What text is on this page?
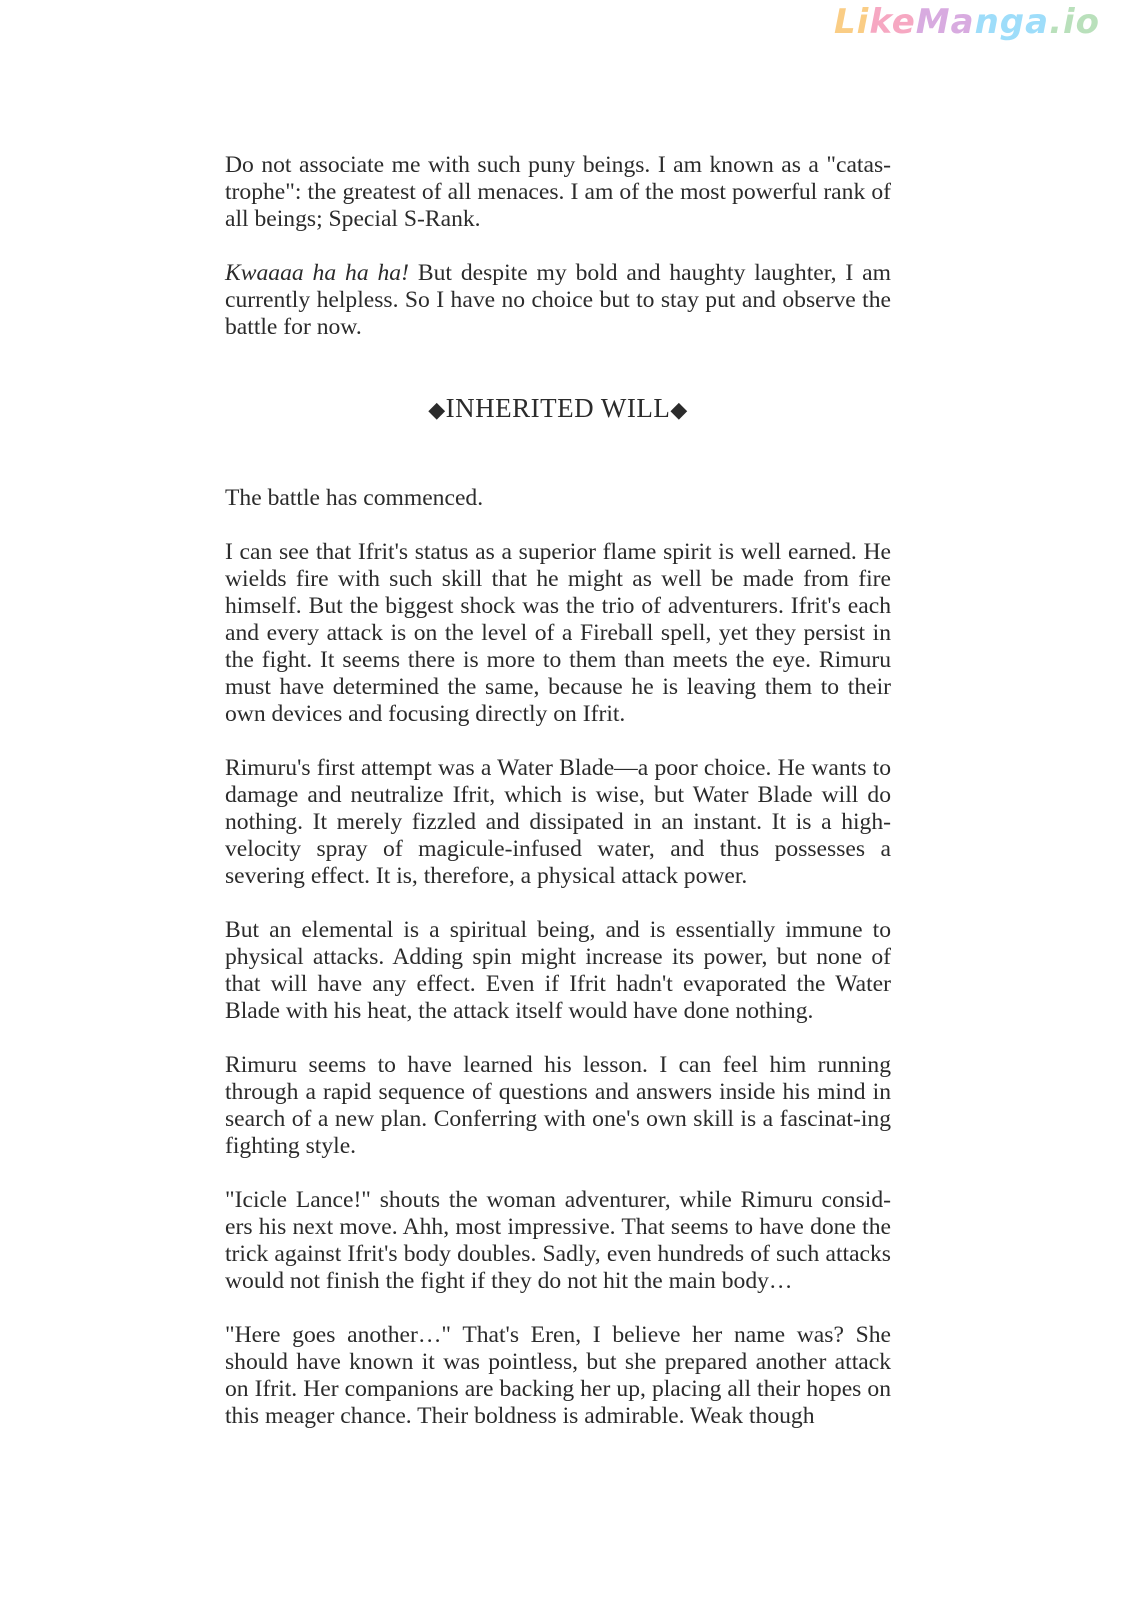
LikeManga.io

Do not associate me with such puny beings. I am known as a "catas-trophe": the greatest of all menaces. I am of the most powerful rank of all beings; Special S-Rank.

Kwaaaa ha ha ha! But despite my bold and haughty laughter, I am currently helpless. So I have no choice but to stay put and observe the battle for now.

◆INHERITED WILL◆

The battle has commenced.

I can see that Ifrit's status as a superior flame spirit is well earned. He wields fire with such skill that he might as well be made from fire himself. But the biggest shock was the trio of adventurers. Ifrit's each and every attack is on the level of a Fireball spell, yet they persist in the fight. It seems there is more to them than meets the eye. Rimuru must have determined the same, because he is leaving them to their own devices and focusing directly on Ifrit.

Rimuru's first attempt was a Water Blade—a poor choice. He wants to damage and neutralize Ifrit, which is wise, but Water Blade will do nothing. It merely fizzled and dissipated in an instant. It is a high-velocity spray of magicule-infused water, and thus possesses a severing effect. It is, therefore, a physical attack power.

But an elemental is a spiritual being, and is essentially immune to physical attacks. Adding spin might increase its power, but none of that will have any effect. Even if Ifrit hadn't evaporated the Water Blade with his heat, the attack itself would have done nothing.

Rimuru seems to have learned his lesson. I can feel him running through a rapid sequence of questions and answers inside his mind in search of a new plan. Conferring with one's own skill is a fascinat-ing fighting style.

"Icicle Lance!" shouts the woman adventurer, while Rimuru consid-ers his next move. Ahh, most impressive. That seems to have done the trick against Ifrit's body doubles. Sadly, even hundreds of such attacks would not finish the fight if they do not hit the main body…

"Here goes another…" That's Eren, I believe her name was? She should have known it was pointless, but she prepared another attack on Ifrit. Her companions are backing her up, placing all their hopes on this meager chance. Their boldness is admirable. Weak though
